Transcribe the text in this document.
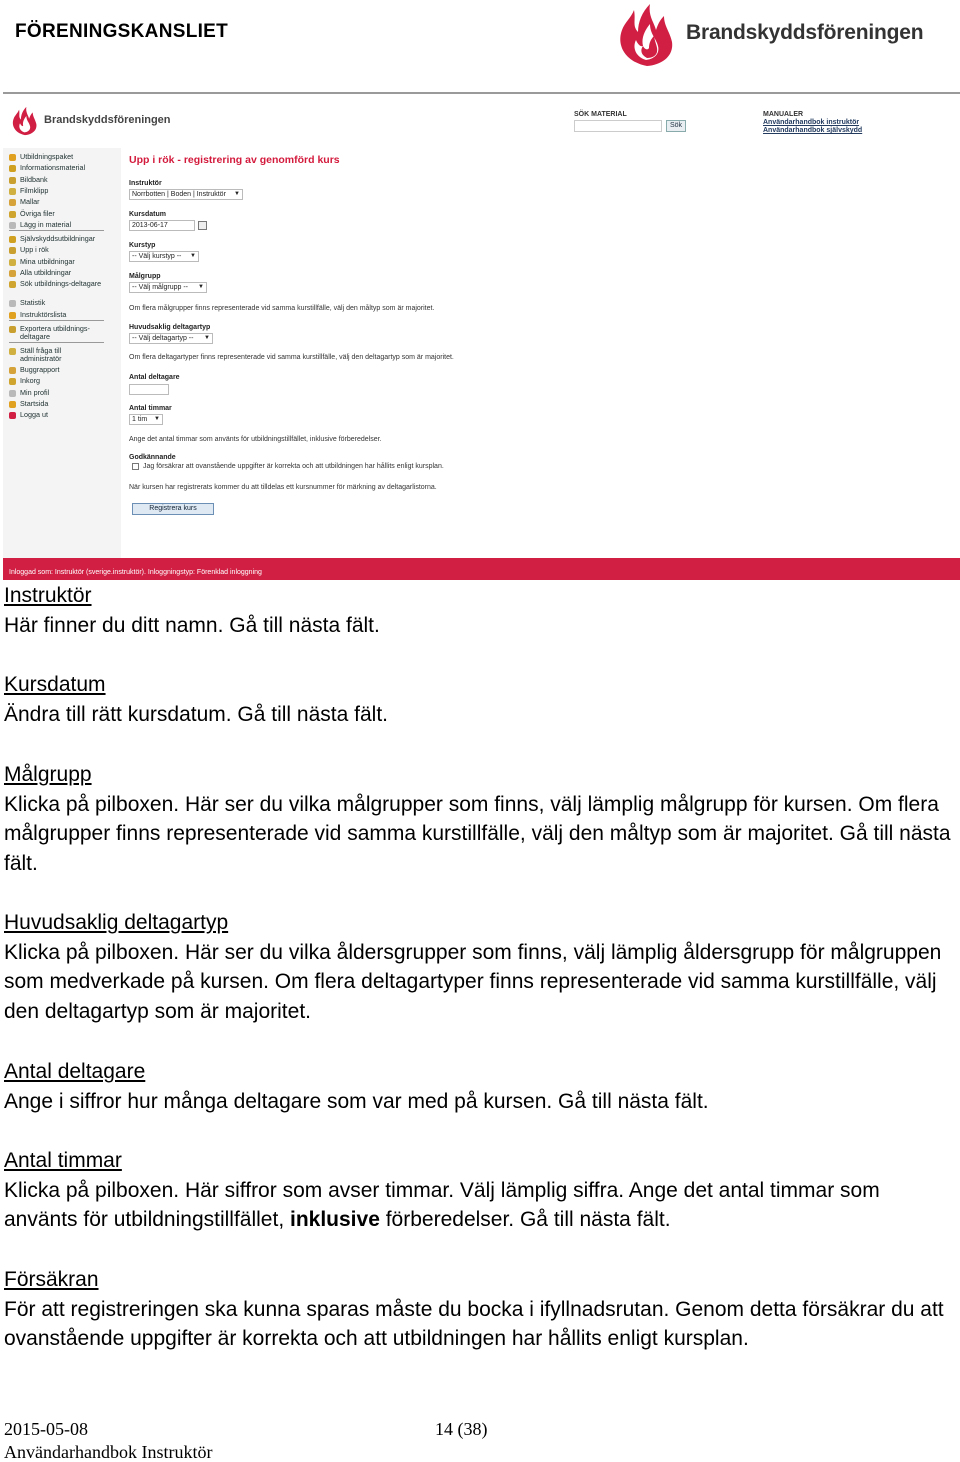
FÖRENINGSKANSLIET	Brandskyddsföreningen
Brandskyddsföreningen	SÖK MATERIAL
Sök
MANUALER
Användarhandbok instruktör
Användarhandbok självskydd
Utbildningspaket
Informationsmaterial
Bildbank
Filmklipp
Mallar
Övriga filer
Lägg in material
Självskyddsutbildningar
Upp i rök
Mina utbildningar
Alla utbildningar
Sök utbildnings-deltagare
Statistik
Instruktörslista
Exportera utbildnings-deltagare
Ställ fråga till administratör
Buggrapport
Inkorg
Min profil
Startsida
Logga ut
Upp i rök - registrering av genomförd kurs
Instruktör
Norrbotten | Boden | Instruktör ▼
Kursdatum
2013-06-17
Kurstyp
-- Välj kurstyp -- ▼
Målgrupp
-- Välj målgrupp -- ▼
Om flera målgrupper finns representerade vid samma kurstillfälle, välj den måltyp som är majoritet.
Huvudsaklig deltagartyp
-- Välj deltagartyp -- ▼
Om flera deltagartyper finns representerade vid samma kurstillfälle, välj den deltagartyp som är majoritet.
Antal deltagare
Antal timmar
1 tim ▼
Ange det antal timmar som använts för utbildningstillfället, inklusive förberedelser.
Godkännande
Jag försäkrar att ovanstående uppgifter är korrekta och att utbildningen har hållits enligt kursplan.
När kursen har registrerats kommer du att tilldelas ett kursnummer för märkning av deltagarlistorna.
Registrera kurs
Inloggad som: Instruktör (sverige.instruktör). Inloggningstyp: Förenklad inloggning
Instruktör
Här finner du ditt namn. Gå till nästa fält.
Kursdatum
Ändra till rätt kursdatum. Gå till nästa fält.
Målgrupp
Klicka på pilboxen. Här ser du vilka målgrupper som finns, välj lämplig målgrupp för kursen. Om flera målgrupper finns representerade vid samma kurstillfälle, välj den måltyp som är majoritet. Gå till nästa fält.
Huvudsaklig deltagartyp
Klicka på pilboxen. Här ser du vilka åldersgrupper som finns, välj lämplig åldersgrupp för målgruppen som medverkade på kursen. Om flera deltagartyper finns representerade vid samma kurstillfälle, välj den deltagartyp som är majoritet.
Antal deltagare
Ange i siffror hur många deltagare som var med på kursen. Gå till nästa fält.
Antal timmar
Klicka på pilboxen. Här siffror som avser timmar. Välj lämplig siffra. Ange det antal timmar som använts för utbildningstillfället, inklusive förberedelser. Gå till nästa fält.
Försäkran
För att registreringen ska kunna sparas måste du bocka i ifyllnadsrutan. Genom detta försäkrar du att ovanstående uppgifter är korrekta och att utbildningen har hållits enligt kursplan.
2015-05-08	14 (38)
Användarhandbok Instruktör
